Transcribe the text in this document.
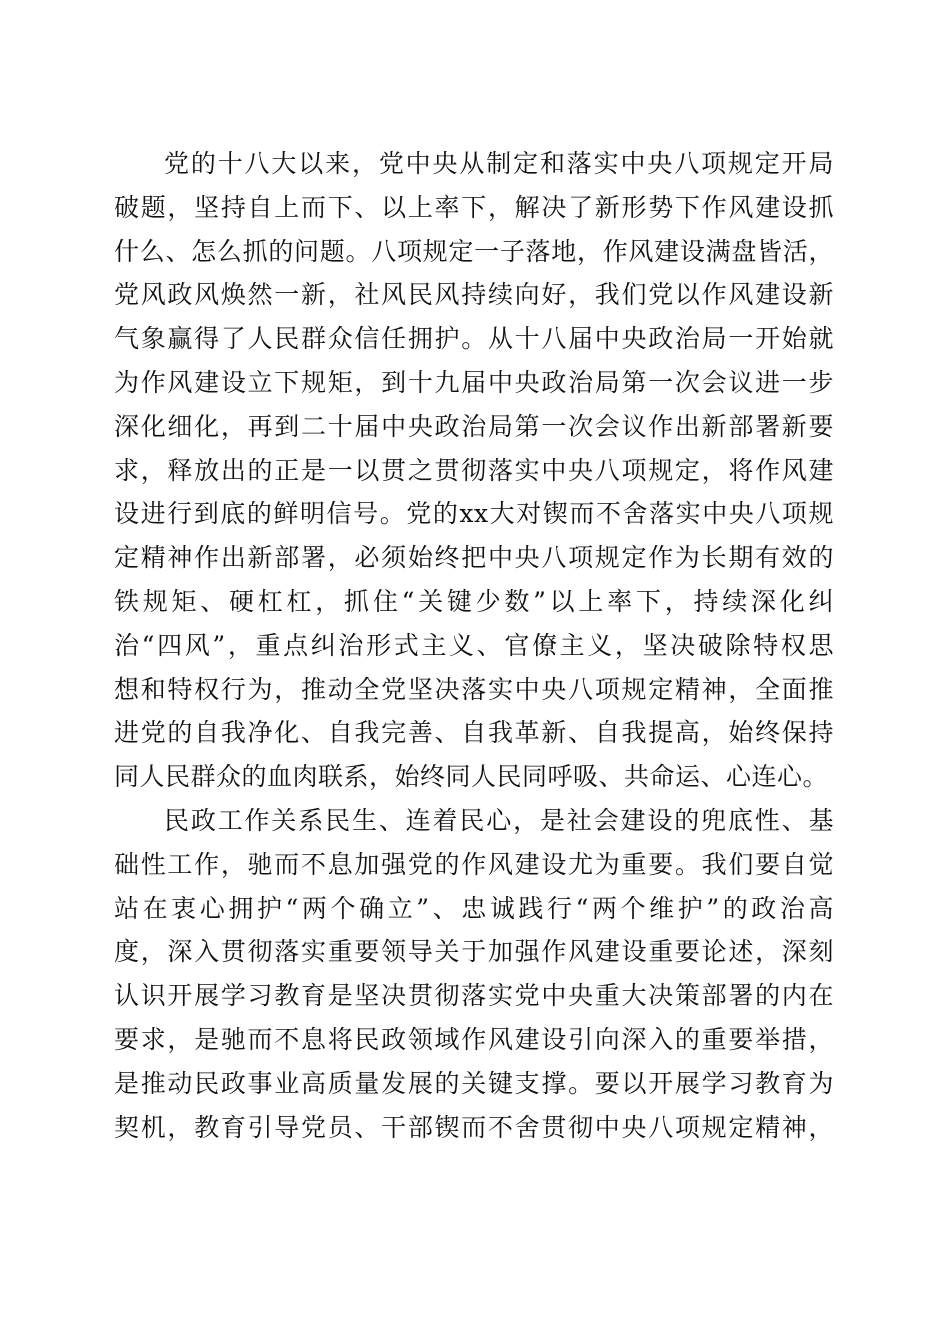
党的十八大以来，党中央从制定和落实中央八项规定开局
破题，坚持自上而下、以上率下，解决了新形势下作风建设抓
什么、怎么抓的问题。八项规定一子落地，作风建设满盘皆活，
党风政风焕然一新，社风民风持续向好，我们党以作风建设新
气象赢得了人民群众信任拥护。从十八届中央政治局一开始就
为作风建设立下规矩，到十九届中央政治局第一次会议进一步
深化细化，再到二十届中央政治局第一次会议作出新部署新要
求，释放出的正是一以贯之贯彻落实中央八项规定，将作风建
设进行到底的鲜明信号。党的xx大对锲而不舍落实中央八项规
定精神作出新部署，必须始终把中央八项规定作为长期有效的
铁规矩、硬杠杠，抓住“关键少数”以上率下，持续深化纠
治“四风”，重点纠治形式主义、官僚主义，坚决破除特权思
想和特权行为，推动全党坚决落实中央八项规定精神，全面推
进党的自我净化、自我完善、自我革新、自我提高，始终保持
同人民群众的血肉联系，始终同人民同呼吸、共命运、心连心。
民政工作关系民生、连着民心，是社会建设的兜底性、基
础性工作，驰而不息加强党的作风建设尤为重要。我们要自觉
站在衷心拥护“两个确立”、忠诚践行“两个维护”的政治高
度，深入贯彻落实重要领导关于加强作风建设重要论述，深刻
认识开展学习教育是坚决贯彻落实党中央重大决策部署的内在
要求，是驰而不息将民政领域作风建设引向深入的重要举措，
是推动民政事业高质量发展的关键支撑。要以开展学习教育为
契机，教育引导党员、干部锲而不舍贯彻中央八项规定精神，
